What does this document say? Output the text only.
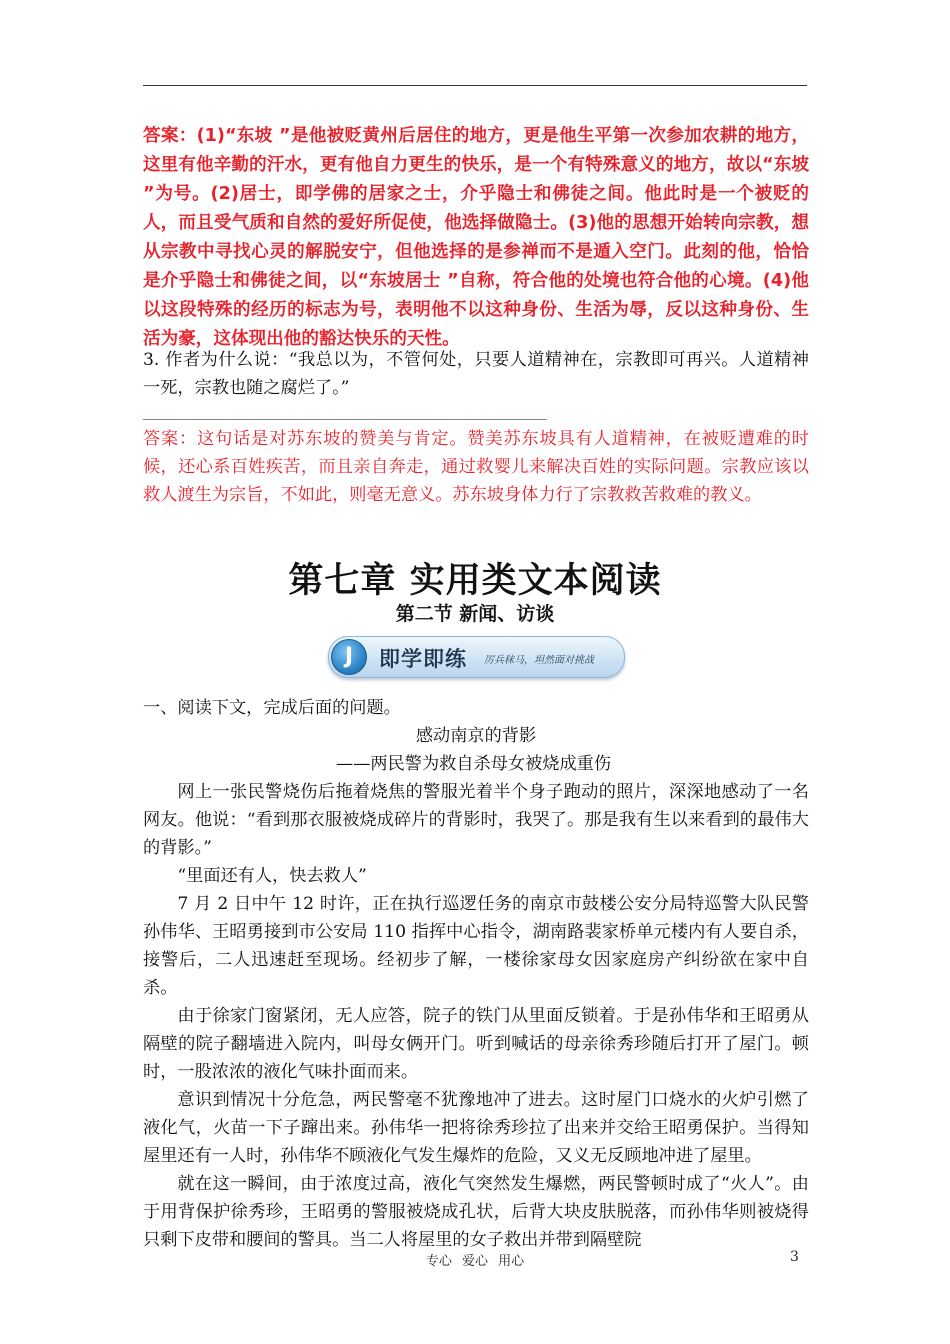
答案：(1)“东坡 ”是他被贬黄州后居住的地方，更是他生平第一次参加农耕的地方，这里有他辛勤的汗水，更有他自力更生的快乐，是一个有特殊意义的地方，故以“东坡 ”为号。(2)居士，即学佛的居家之士，介乎隐士和佛徒之间。他此时是一个被贬的人，而且受气质和自然的爱好所促使，他选择做隐士。(3)他的思想开始转向宗教，想从宗教中寻找心灵的解脱安宁，但他选择的是参禅而不是遁入空门。此刻的他，恰恰是介乎隐士和佛徒之间，以“东坡居士 ”自称，符合他的处境也符合他的心境。(4)他以这段特殊的经历的标志为号，表明他不以这种身份、生活为辱，反以这种身份、生活为豪，这体现出他的豁达快乐的天性。
3. 作者为什么说：“我总以为，不管何处，只要人道精神在，宗教即可再兴。人道精神一死，宗教也随之腐烂了。”
答案：这句话是对苏东坡的赞美与肯定。赞美苏东坡具有人道精神，在被贬遭难的时候，还心系百姓疾苦，而且亲自奔走，通过救婴儿来解决百姓的实际问题。宗教应该以救人渡生为宗旨，不如此，则毫无意义。苏东坡身体力行了宗教救苦救难的教义。
第七章 实用类文本阅读
第二节 新闻、访谈
J	即学即练 厉兵秣马，坦然面对挑战

一、阅读下文，完成后面的问题。

感动南京的背影

——两民警为救自杀母女被烧成重伤

网上一张民警烧伤后拖着烧焦的警服光着半个身子跑动的照片，深深地感动了一名网友。他说：“看到那衣服被烧成碎片的背影时，我哭了。那是我有生以来看到的最伟大的背影。”

“里面还有人，快去救人”

7 月 2 日中午 12 时许，正在执行巡逻任务的南京市鼓楼公安分局特巡警大队民警孙伟华、王昭勇接到市公安局 110 指挥中心指令，湖南路裴家桥单元楼内有人要自杀，接警后，二人迅速赶至现场。经初步了解，一楼徐家母女因家庭房产纠纷欲在家中自杀。

由于徐家门窗紧闭，无人应答，院子的铁门从里面反锁着。于是孙伟华和王昭勇从隔壁的院子翻墙进入院内，叫母女俩开门。听到喊话的母亲徐秀珍随后打开了屋门。顿时，一股浓浓的液化气味扑面而来。

意识到情况十分危急，两民警毫不犹豫地冲了进去。这时屋门口烧水的火炉引燃了液化气，火苗一下子蹿出来。孙伟华一把将徐秀珍拉了出来并交给王昭勇保护。当得知屋里还有一人时，孙伟华不顾液化气发生爆炸的危险，又义无反顾地冲进了屋里。

就在这一瞬间，由于浓度过高，液化气突然发生爆燃，两民警顿时成了“火人”。由于用背保护徐秀珍，王昭勇的警服被烧成孔状，后背大块皮肤脱落，而孙伟华则被烧得只剩下皮带和腰间的警具。当二人将屋里的女子救出并带到隔壁院

专心 爱心 用心	3
